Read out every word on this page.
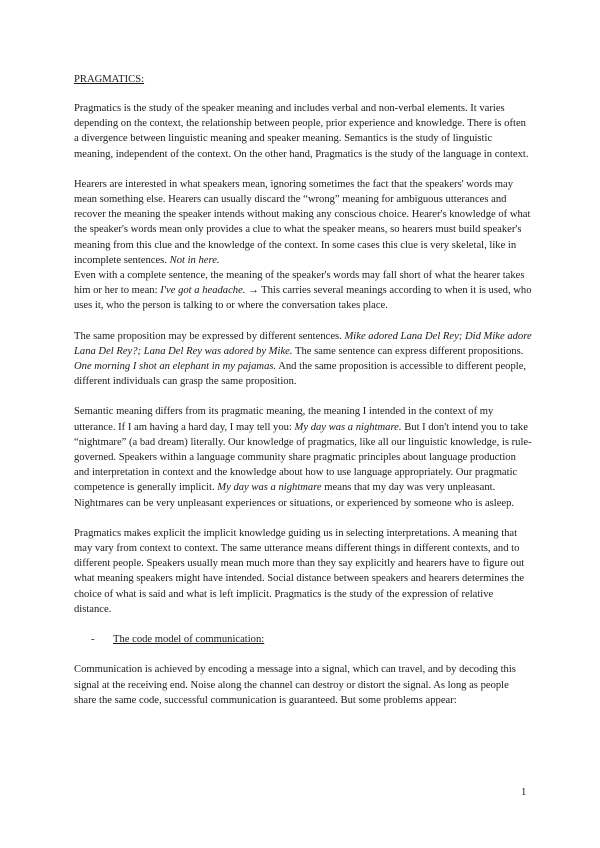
PRAGMATICS:

Pragmatics is the study of the speaker meaning and includes verbal and non-verbal elements. It varies depending on the context, the relationship between people, prior experience and knowledge. There is often a divergence between linguistic meaning and speaker meaning. Semantics is the study of linguistic meaning, independent of the context. On the other hand, Pragmatics is the study of the language in context.

Hearers are interested in what speakers mean, ignoring sometimes the fact that the speakers' words may mean something else. Hearers can usually discard the “wrong” meaning for ambiguous utterances and recover the meaning the speaker intends without making any conscious choice. Hearer's knowledge of what the speaker's words mean only provides a clue to what the speaker means, so hearers must build speaker's meaning from this clue and the knowledge of the context. In some cases this clue is very skeletal, like in incomplete sentences. Not in here.

Even with a complete sentence, the meaning of the speaker's words may fall short of what the hearer takes him or her to mean: I've got a headache. → This carries several meanings according to when it is used, who uses it, who the person is talking to or where the conversation takes place.

The same proposition may be expressed by different sentences. Mike adored Lana Del Rey; Did Mike adore Lana Del Rey?; Lana Del Rey was adored by Mike. The same sentence can express different propositions. One morning I shot an elephant in my pajamas. And the same proposition is accessible to different people, different individuals can grasp the same proposition.

Semantic meaning differs from its pragmatic meaning, the meaning I intended in the context of my utterance. If I am having a hard day, I may tell you: My day was a nightmare. But I don't intend you to take “nightmare” (a bad dream) literally. Our knowledge of pragmatics, like all our linguistic knowledge, is rule-governed. Speakers within a language community share pragmatic principles about language production and interpretation in context and the knowledge about how to use language appropriately. Our pragmatic competence is generally implicit. My day was a nightmare means that my day was very unpleasant. Nightmares can be very unpleasant experiences or situations, or experienced by someone who is asleep.

Pragmatics makes explicit the implicit knowledge guiding us in selecting interpretations. A meaning that may vary from context to context. The same utterance means different things in different contexts, and to different people. Speakers usually mean much more than they say explicitly and hearers have to figure out what meaning speakers might have intended. Social distance between speakers and hearers determines the choice of what is said and what is left implicit. Pragmatics is the study of the expression of relative distance.

-	The code model of communication:

Communication is achieved by encoding a message into a signal, which can travel, and by decoding this signal at the receiving end. Noise along the channel can destroy or distort the signal. As long as people share the same code, successful communication is guaranteed. But some problems appear:

1
